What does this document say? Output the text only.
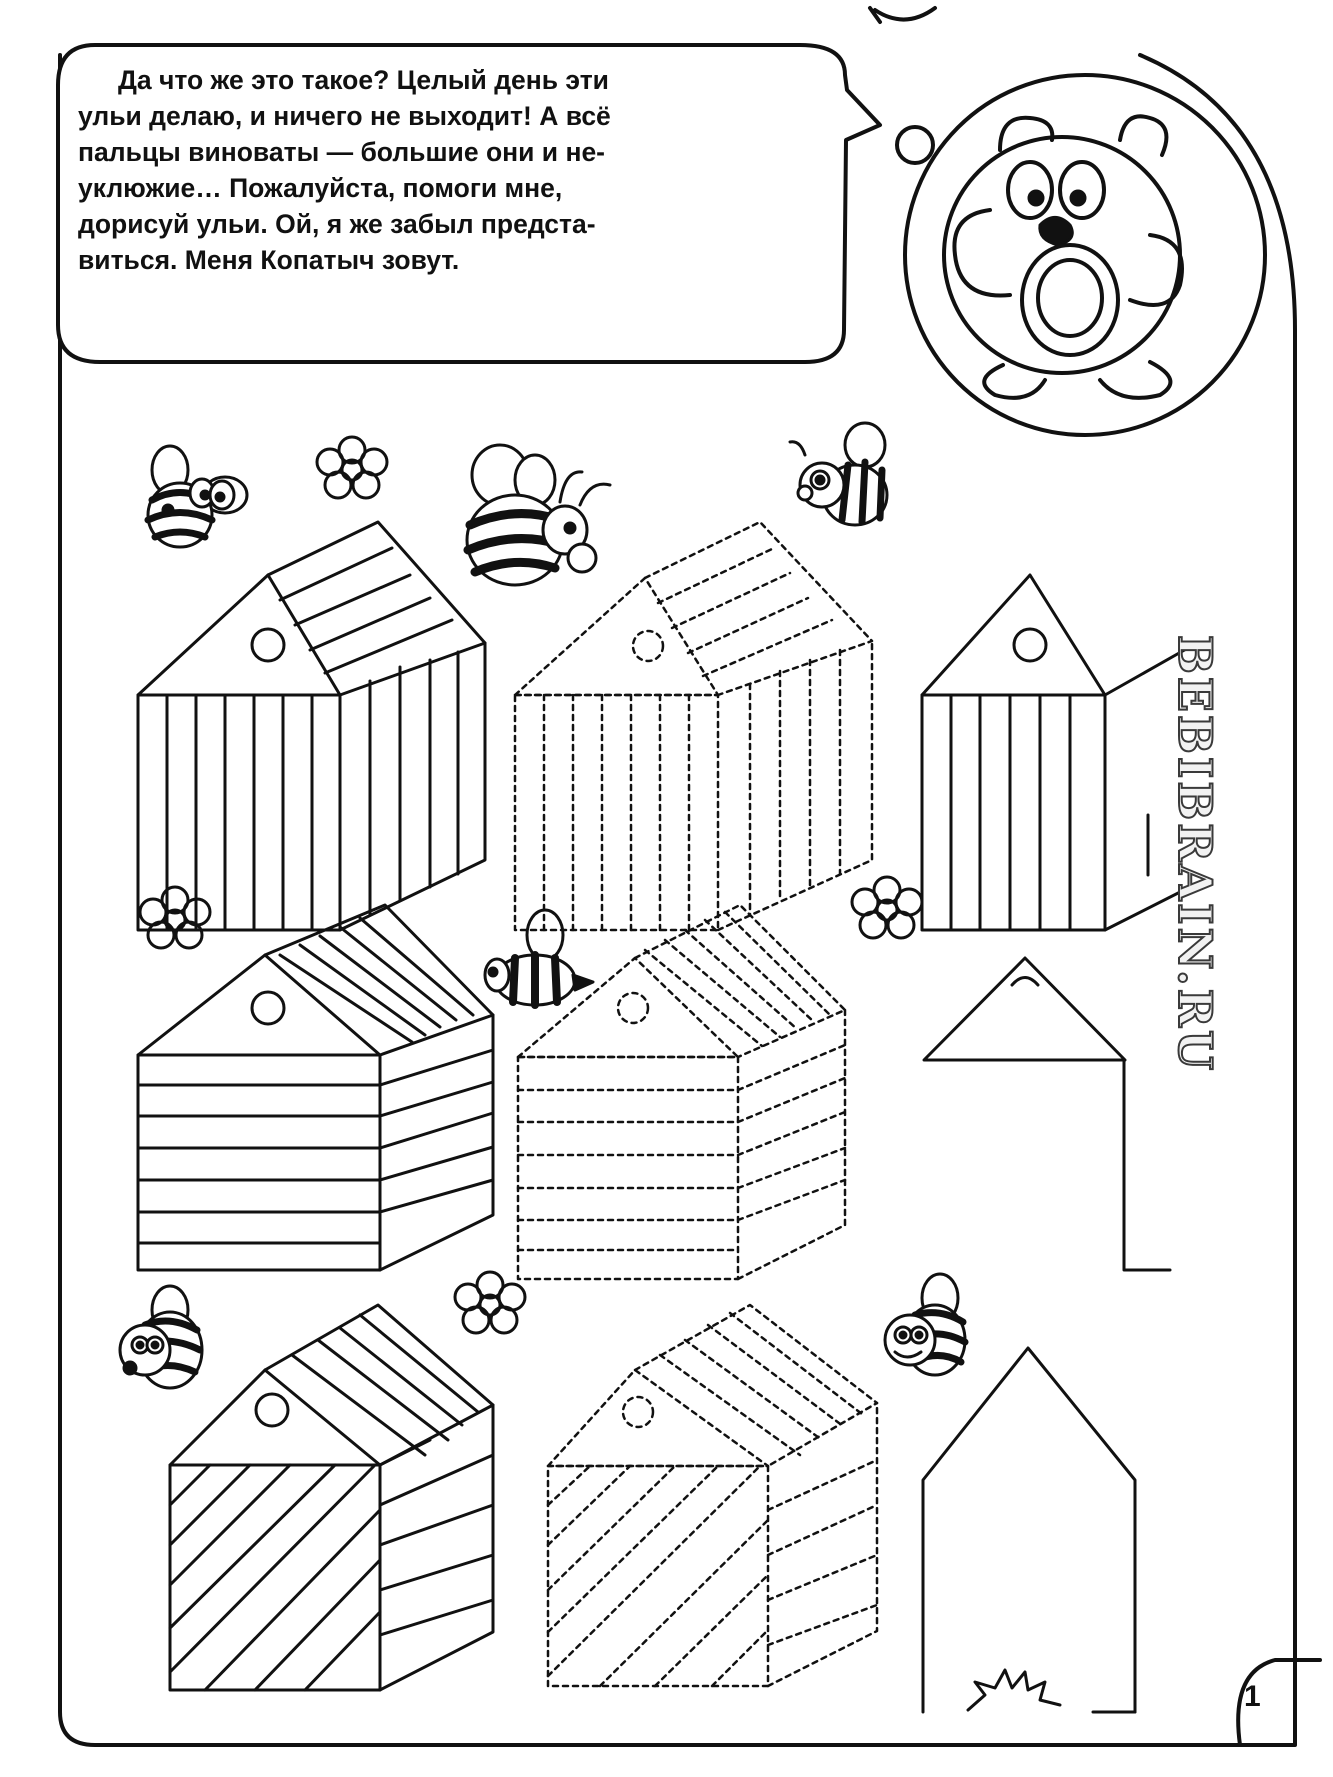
Да что же это такое? Целый день эти
ульи делаю, и ничего не выходит! А всё
пальцы виноваты — большие они и не-
уклюжие… Пожалуйста, помоги мне,
дорисуй ульи. Ой, я же забыл предста-
виться. Меня Копатыч зовут.
BEBIBRAIN.RU
1
